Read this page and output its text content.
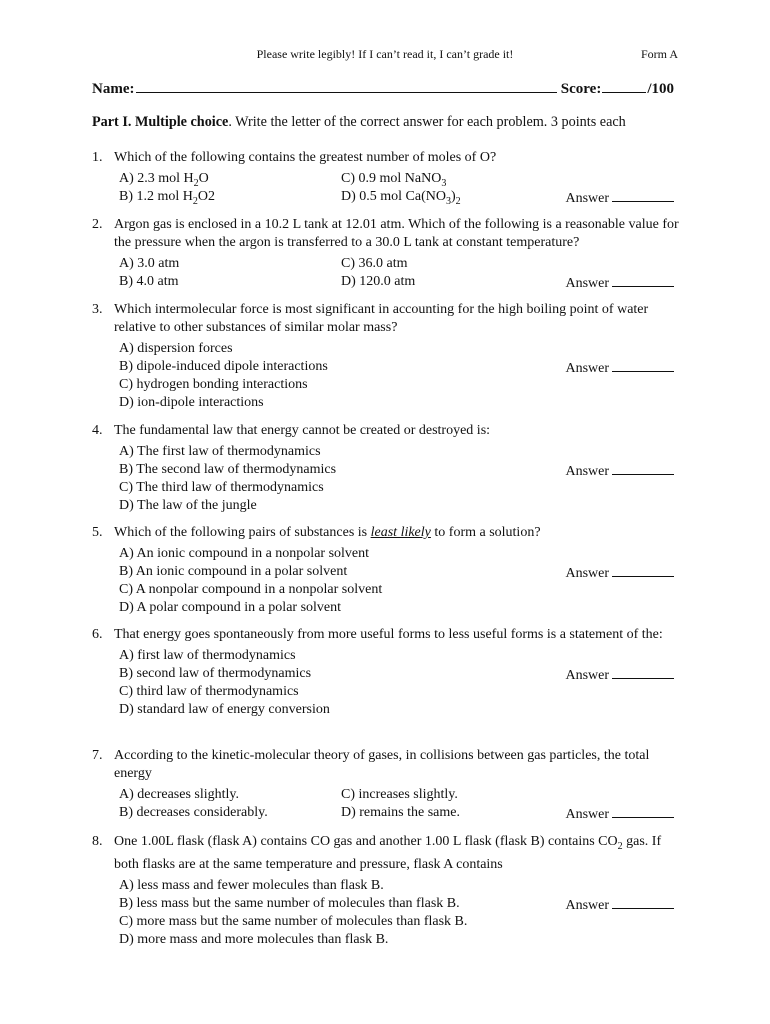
Please write legibly! If I can’t read it, I can’t grade it!	Form A
Name:	Score:	/100
Part I. Multiple choice. Write the letter of the correct answer for each problem. 3 points each
1. Which of the following contains the greatest number of moles of O?
A) 2.3 mol $H_2O$	C) 0.9 mol NaNO$_3$
B) 1.2 mol $H_2O2$	D) 0.5 mol $Ca(NO_3)_2$	Answer
2. Argon gas is enclosed in a 10.2 L tank at 12.01 atm. Which of the following is a reasonable value for the pressure when the argon is transferred to a 30.0 L tank at constant temperature?
A) 3.0 atm	C) 36.0 atm
B) 4.0 atm	D) 120.0 atm	Answer
3. Which intermolecular force is most significant in accounting for the high boiling point of water relative to other substances of similar molar mass?
A) dispersion forces
B) dipole-induced dipole interactions
C) hydrogen bonding interactions
D) ion-dipole interactions
Answer
4. The fundamental law that energy cannot be created or destroyed is:
A) The first law of thermodynamics
B) The second law of thermodynamics
C) The third law of thermodynamics
D) The law of the jungle
Answer
5. Which of the following pairs of substances is least likely to form a solution?
A) An ionic compound in a nonpolar solvent
B) An ionic compound in a polar solvent
C) A nonpolar compound in a nonpolar solvent
D) A polar compound in a polar solvent
Answer
6. That energy goes spontaneously from more useful forms to less useful forms is a statement of the:
A) first law of thermodynamics
B) second law of thermodynamics
C) third law of thermodynamics
D) standard law of energy conversion
Answer
7. According to the kinetic-molecular theory of gases, in collisions between gas particles, the total energy
A) decreases slightly.	C) increases slightly.
B) decreases considerably.	D) remains the same.	Answer
8. One 1.00L flask (flask A) contains CO gas and another 1.00 L flask (flask B) contains $CO_2$ gas. If both flasks are at the same temperature and pressure, flask A contains
A) less mass and fewer molecules than flask B.
B) less mass but the same number of molecules than flask B.
C) more mass but the same number of molecules than flask B.
D) more mass and more molecules than flask B.
Answer
